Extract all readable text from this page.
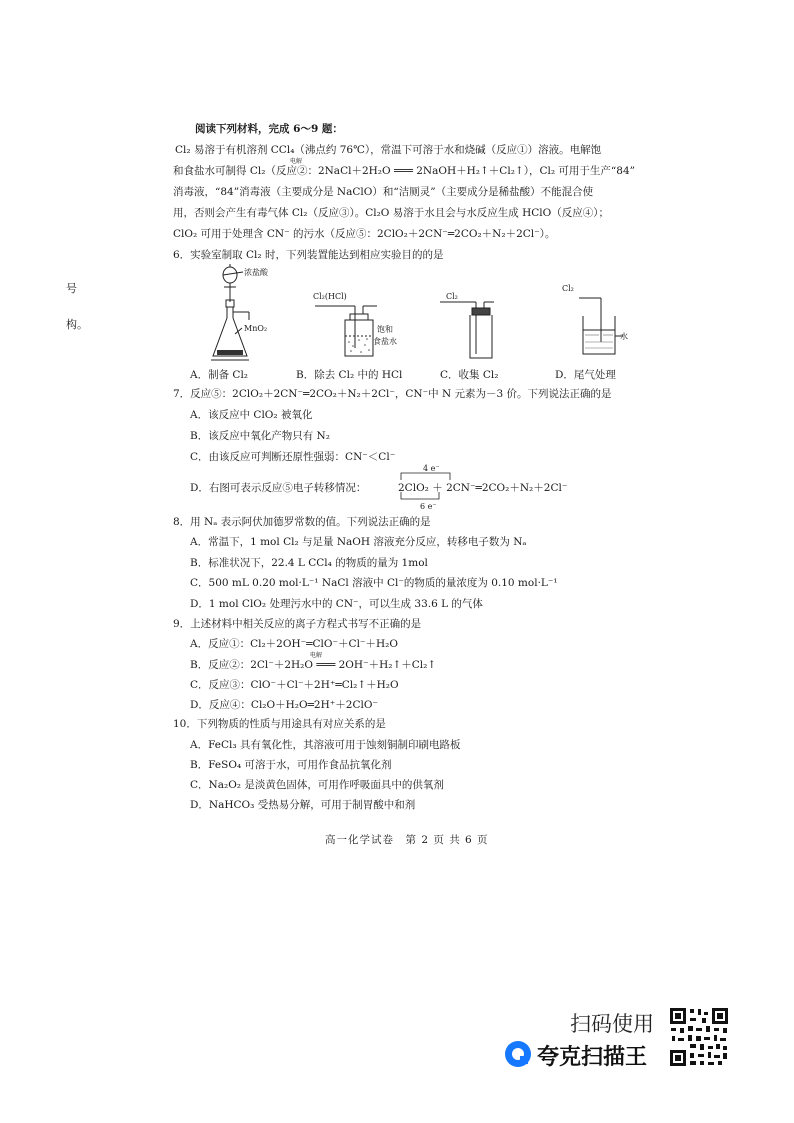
阅读下列材料，完成 6～9 题：
Cl₂ 易溶于有机溶剂 CCl₄（沸点约 76℃），常温下可溶于水和烧碱（反应①）溶液。电解饱
和食盐水可制得 Cl₂（反应②：2NaCl＋2H₂O ═══ 2NaOH＋H₂↑＋Cl₂↑），Cl₂ 可用于生产“84”
电解
消毒液，“84”消毒液（主要成分是 NaClO）和“洁厕灵”（主要成分是稀盐酸）不能混合使
用，否则会产生有毒气体 Cl₂（反应③）。Cl₂O 易溶于水且会与水反应生成 HClO（反应④）；
ClO₂ 可用于处理含 CN⁻ 的污水（反应⑤：2ClO₂＋2CN⁻═2CO₂＋N₂＋2Cl⁻）。
号
构。
6．实验室制取 Cl₂ 时，下列装置能达到相应实验目的的是
浓盐酸
MnO₂
Cl₂(HCl)
饱和
食盐水
Cl₂
Cl₂
水
A．制备 Cl₂	B．除去 Cl₂ 中的 HCl	C．收集 Cl₂	D．尾气处理
7．反应⑤：2ClO₂＋2CN⁻═2CO₂＋N₂＋2Cl⁻，CN⁻中 N 元素为－3 价。下列说法正确的是
A．该反应中 ClO₂ 被氧化
B．该反应中氧化产物只有 N₂
C．由该反应可判断还原性强弱：CN⁻＜Cl⁻
4 e⁻
D．右图可表示反应⑤电子转移情况：	2ClO₂ ＋ 2CN⁻═2CO₂＋N₂＋2Cl⁻
6 e⁻
8．用 Nₐ 表示阿伏加德罗常数的值。下列说法正确的是
A．常温下，1 mol Cl₂ 与足量 NaOH 溶液充分反应，转移电子数为 Nₐ
B．标准状况下，22.4 L CCl₄ 的物质的量为 1mol
C．500 mL 0.20 mol·L⁻¹ NaCl 溶液中 Cl⁻的物质的量浓度为 0.10 mol·L⁻¹
D．1 mol ClO₂ 处理污水中的 CN⁻，可以生成 33.6 L 的气体
9．上述材料中相关反应的离子方程式书写不正确的是
A．反应①：Cl₂＋2OH⁻═ClO⁻＋Cl⁻＋H₂O
电解
B．反应②：2Cl⁻＋2H₂O ═══ 2OH⁻＋H₂↑＋Cl₂↑
C．反应③：ClO⁻＋Cl⁻＋2H⁺═Cl₂↑＋H₂O
D．反应④：Cl₂O＋H₂O═2H⁺＋2ClO⁻
10．下列物质的性质与用途具有对应关系的是
A．FeCl₃ 具有氧化性，其溶液可用于蚀刻铜制印刷电路板
B．FeSO₄ 可溶于水，可用作食品抗氧化剂
C．Na₂O₂ 是淡黄色固体，可用作呼吸面具中的供氧剂
D．NaHCO₃ 受热易分解，可用于制胃酸中和剂
高一化学试卷　第 2 页 共 6 页
扫码使用
夸克扫描王
